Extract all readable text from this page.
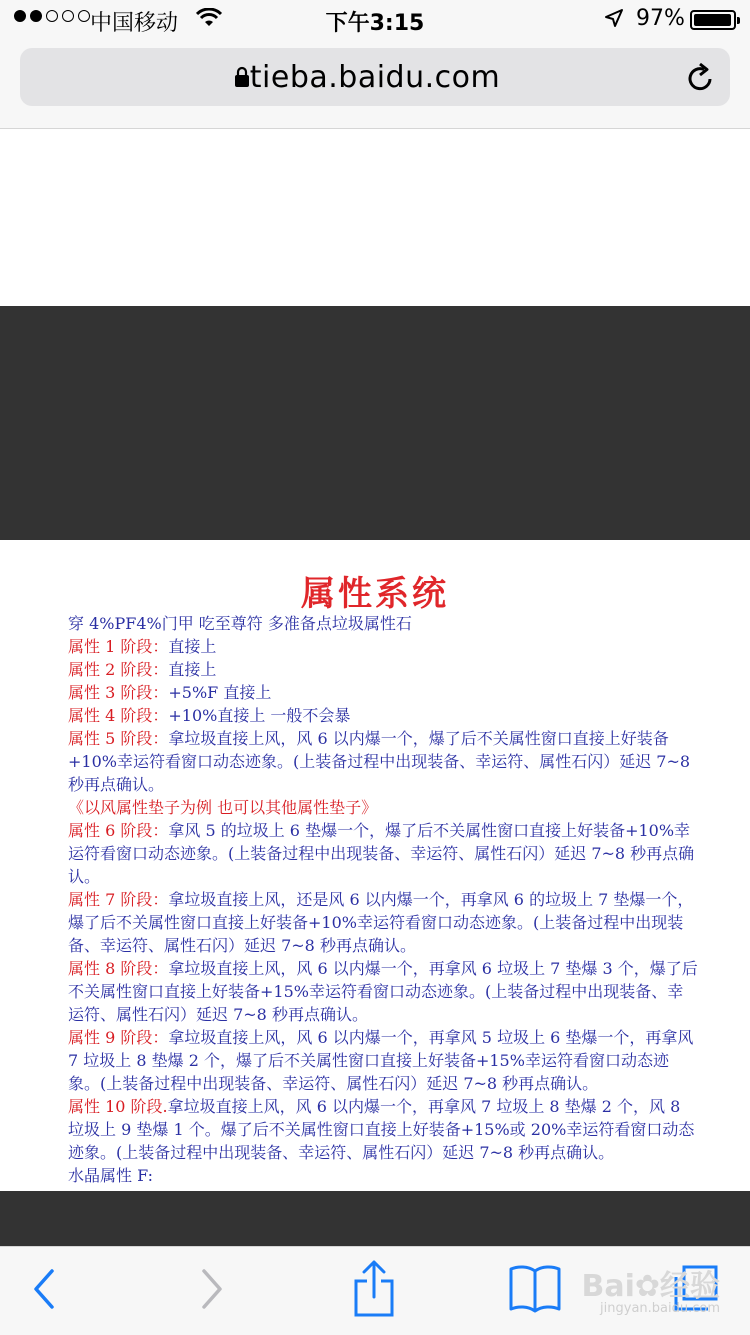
中国移动	下午3:15	97%
tieba.baidu.com
属性系统

穿 4%PF4%门甲 吃至尊符 多准备点垃圾属性石

属性 1 阶段：直接上

属性 2 阶段：直接上

属性 3 阶段：+5%F 直接上

属性 4 阶段：+10%直接上 一般不会暴

属性 5 阶段：拿垃圾直接上风，风 6 以内爆一个，爆了后不关属性窗口直接上好装备+10%幸运符看窗口动态迹象。(上装备过程中出现装备、幸运符、属性石闪）延迟 7~8 秒再点确认。

《以风属性垫子为例 也可以其他属性垫子》

属性 6 阶段：拿风 5 的垃圾上 6 垫爆一个，爆了后不关属性窗口直接上好装备+10%幸运符看窗口动态迹象。(上装备过程中出现装备、幸运符、属性石闪）延迟 7~8 秒再点确认。

属性 7 阶段：拿垃圾直接上风，还是风 6 以内爆一个，再拿风 6 的垃圾上 7 垫爆一个，爆了后不关属性窗口直接上好装备+10%幸运符看窗口动态迹象。(上装备过程中出现装备、幸运符、属性石闪）延迟 7~8 秒再点确认。

属性 8 阶段：拿垃圾直接上风，风 6 以内爆一个，再拿风 6 垃圾上 7 垫爆 3 个，爆了后不关属性窗口直接上好装备+15%幸运符看窗口动态迹象。(上装备过程中出现装备、幸运符、属性石闪）延迟 7~8 秒再点确认。

属性 9 阶段：拿垃圾直接上风，风 6 以内爆一个，再拿风 5 垃圾上 6 垫爆一个，再拿风 7 垃圾上 8 垫爆 2 个，爆了后不关属性窗口直接上好装备+15%幸运符看窗口动态迹象。(上装备过程中出现装备、幸运符、属性石闪）延迟 7~8 秒再点确认。

属性 10 阶段.拿垃圾直接上风，风 6 以内爆一个，再拿风 7 垃圾上 8 垫爆 2 个，风 8 垃圾上 9 垫爆 1 个。爆了后不关属性窗口直接上好装备+15%或 20%幸运符看窗口动态迹象。(上装备过程中出现装备、幸运符、属性石闪）延迟 7~8 秒再点确认。

水晶属性 F:

Bai✿经验
jingyan.baidu.com
